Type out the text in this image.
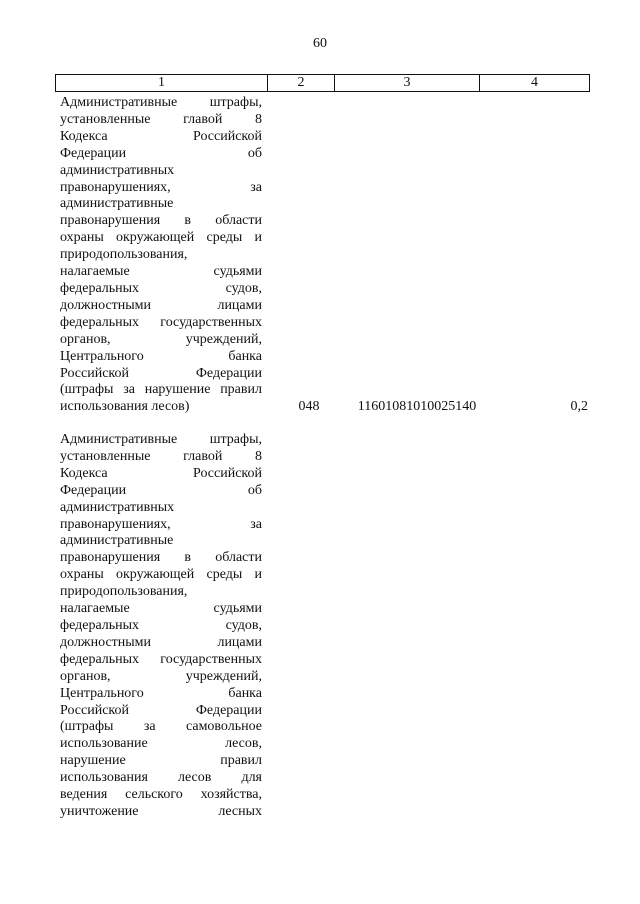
60
1	2	3	4
Административные штрафы,
установленные главой 8
Кодекса Российской
Федерации об
административных
правонарушениях, за
административные
правонарушения в области
охраны окружающей среды и
природопользования,
налагаемые судьями
федеральных судов,
должностными лицами
федеральных государственных
органов, учреждений,
Центрального банка
Российской Федерации
(штрафы за нарушение правил
использования лесов)	048	11601081010025140	0,2
Административные штрафы,
установленные главой 8
Кодекса Российской
Федерации об
административных
правонарушениях, за
административные
правонарушения в области
охраны окружающей среды и
природопользования,
налагаемые судьями
федеральных судов,
должностными лицами
федеральных государственных
органов, учреждений,
Центрального банка
Российской Федерации
(штрафы за самовольное
использование лесов,
нарушение правил
использования лесов для
ведения сельского хозяйства,
уничтожение лесных
